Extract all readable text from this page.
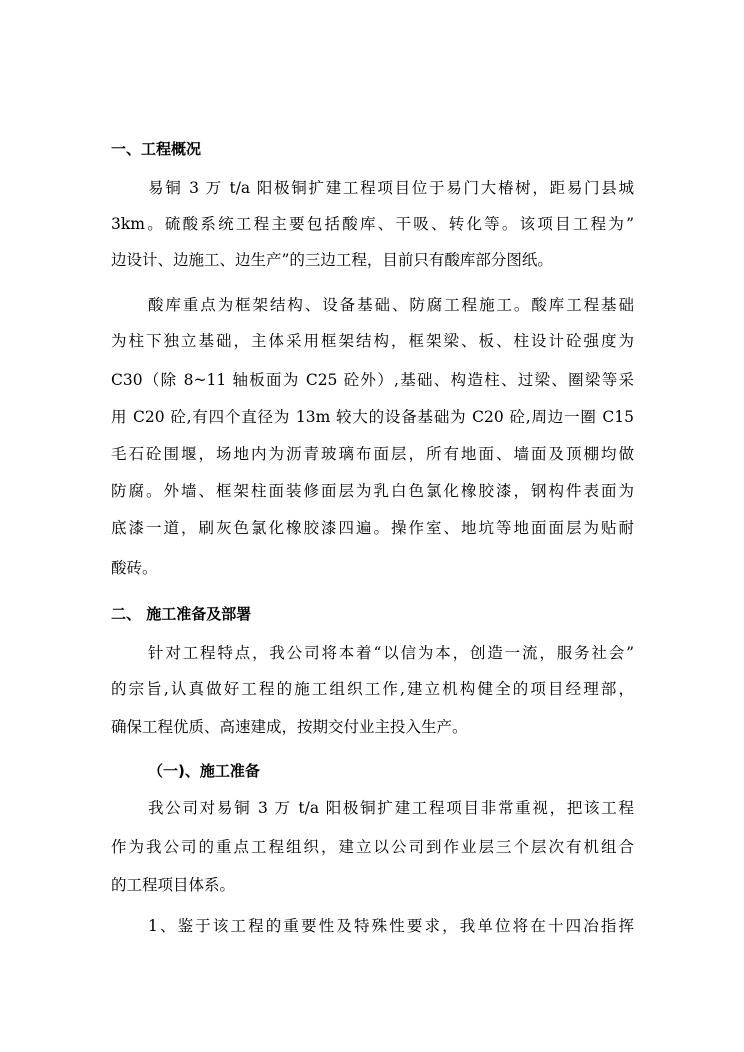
一、工程概况
易铜 3 万 t/a 阳极铜扩建工程项目位于易门大椿树，距易门县城
3km。硫酸系统工程主要包括酸库、干吸、转化等。该项目工程为”
边设计、边施工、边生产”的三边工程，目前只有酸库部分图纸。
酸库重点为框架结构、设备基础、防腐工程施工。酸库工程基础
为柱下独立基础，主体采用框架结构，框架梁、板、柱设计砼强度为
C30（除 8~11 轴板面为 C25 砼外）,基础、构造柱、过梁、圈梁等采
用 C20 砼,有四个直径为 13m 较大的设备基础为 C20 砼,周边一圈 C15
毛石砼围堰，场地内为沥青玻璃布面层，所有地面、墙面及顶棚均做
防腐。外墙、框架柱面装修面层为乳白色氯化橡胶漆，钢构件表面为
底漆一道，刷灰色氯化橡胶漆四遍。操作室、地坑等地面面层为贴耐
酸砖。
二、 施工准备及部署
针对工程特点，我公司将本着“以信为本，创造一流，服务社会”
的宗旨,认真做好工程的施工组织工作,建立机构健全的项目经理部，
确保工程优质、高速建成，按期交付业主投入生产。
（一)、施工准备
我公司对易铜 3 万 t/a 阳极铜扩建工程项目非常重视，把该工程
作为我公司的重点工程组织，建立以公司到作业层三个层次有机组合
的工程项目体系。
1、鉴于该工程的重要性及特殊性要求，我单位将在十四冶指挥
